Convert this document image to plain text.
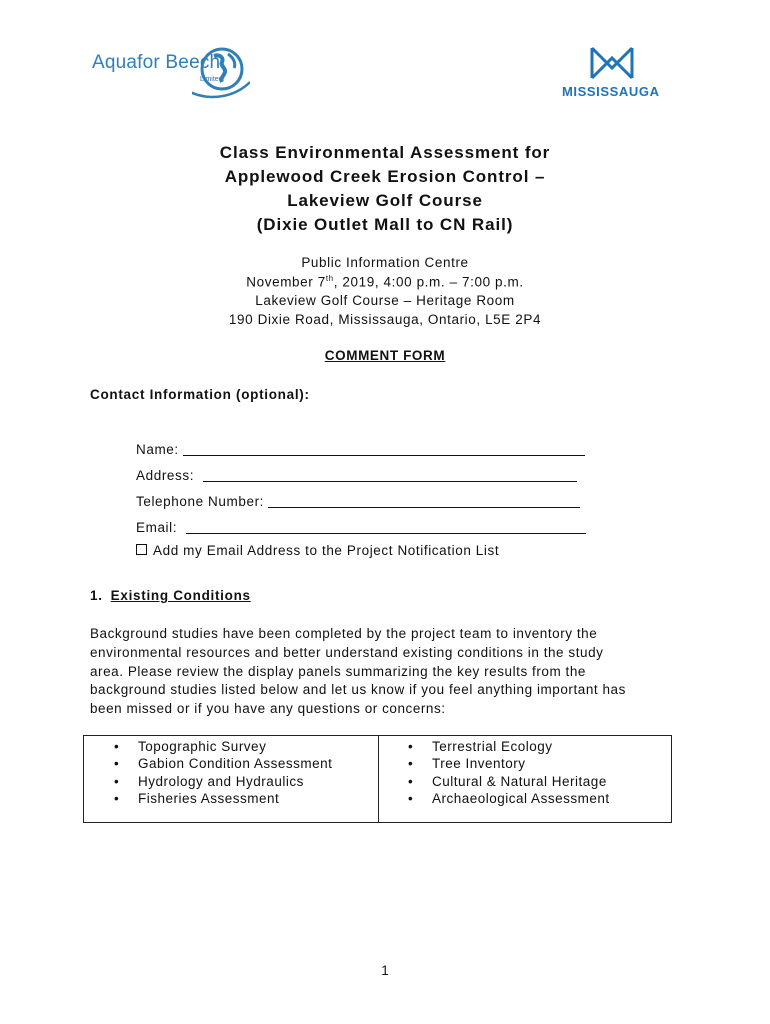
Aquafor Beech
Limited
MISSISSAUGA
Class Environmental Assessment for
Applewood Creek Erosion Control –
Lakeview Golf Course
(Dixie Outlet Mall to CN Rail)
Public Information Centre
November 7th, 2019, 4:00 p.m. – 7:00 p.m.
Lakeview Golf Course – Heritage Room
190 Dixie Road, Mississauga, Ontario, L5E 2P4
COMMENT FORM
Contact Information (optional):
Name:
Address:
Telephone Number:
Email:
Add my Email Address to the Project Notification List
1. Existing Conditions
Background studies have been completed by the project team to inventory the
environmental resources and better understand existing conditions in the study
area. Please review the display panels summarizing the key results from the
background studies listed below and let us know if you feel anything important has
been missed or if you have any questions or concerns:
• Topographic Survey
• Gabion Condition Assessment
• Hydrology and Hydraulics
• Fisheries Assessment
• Terrestrial Ecology
• Tree Inventory
• Cultural & Natural Heritage
• Archaeological Assessment
1
